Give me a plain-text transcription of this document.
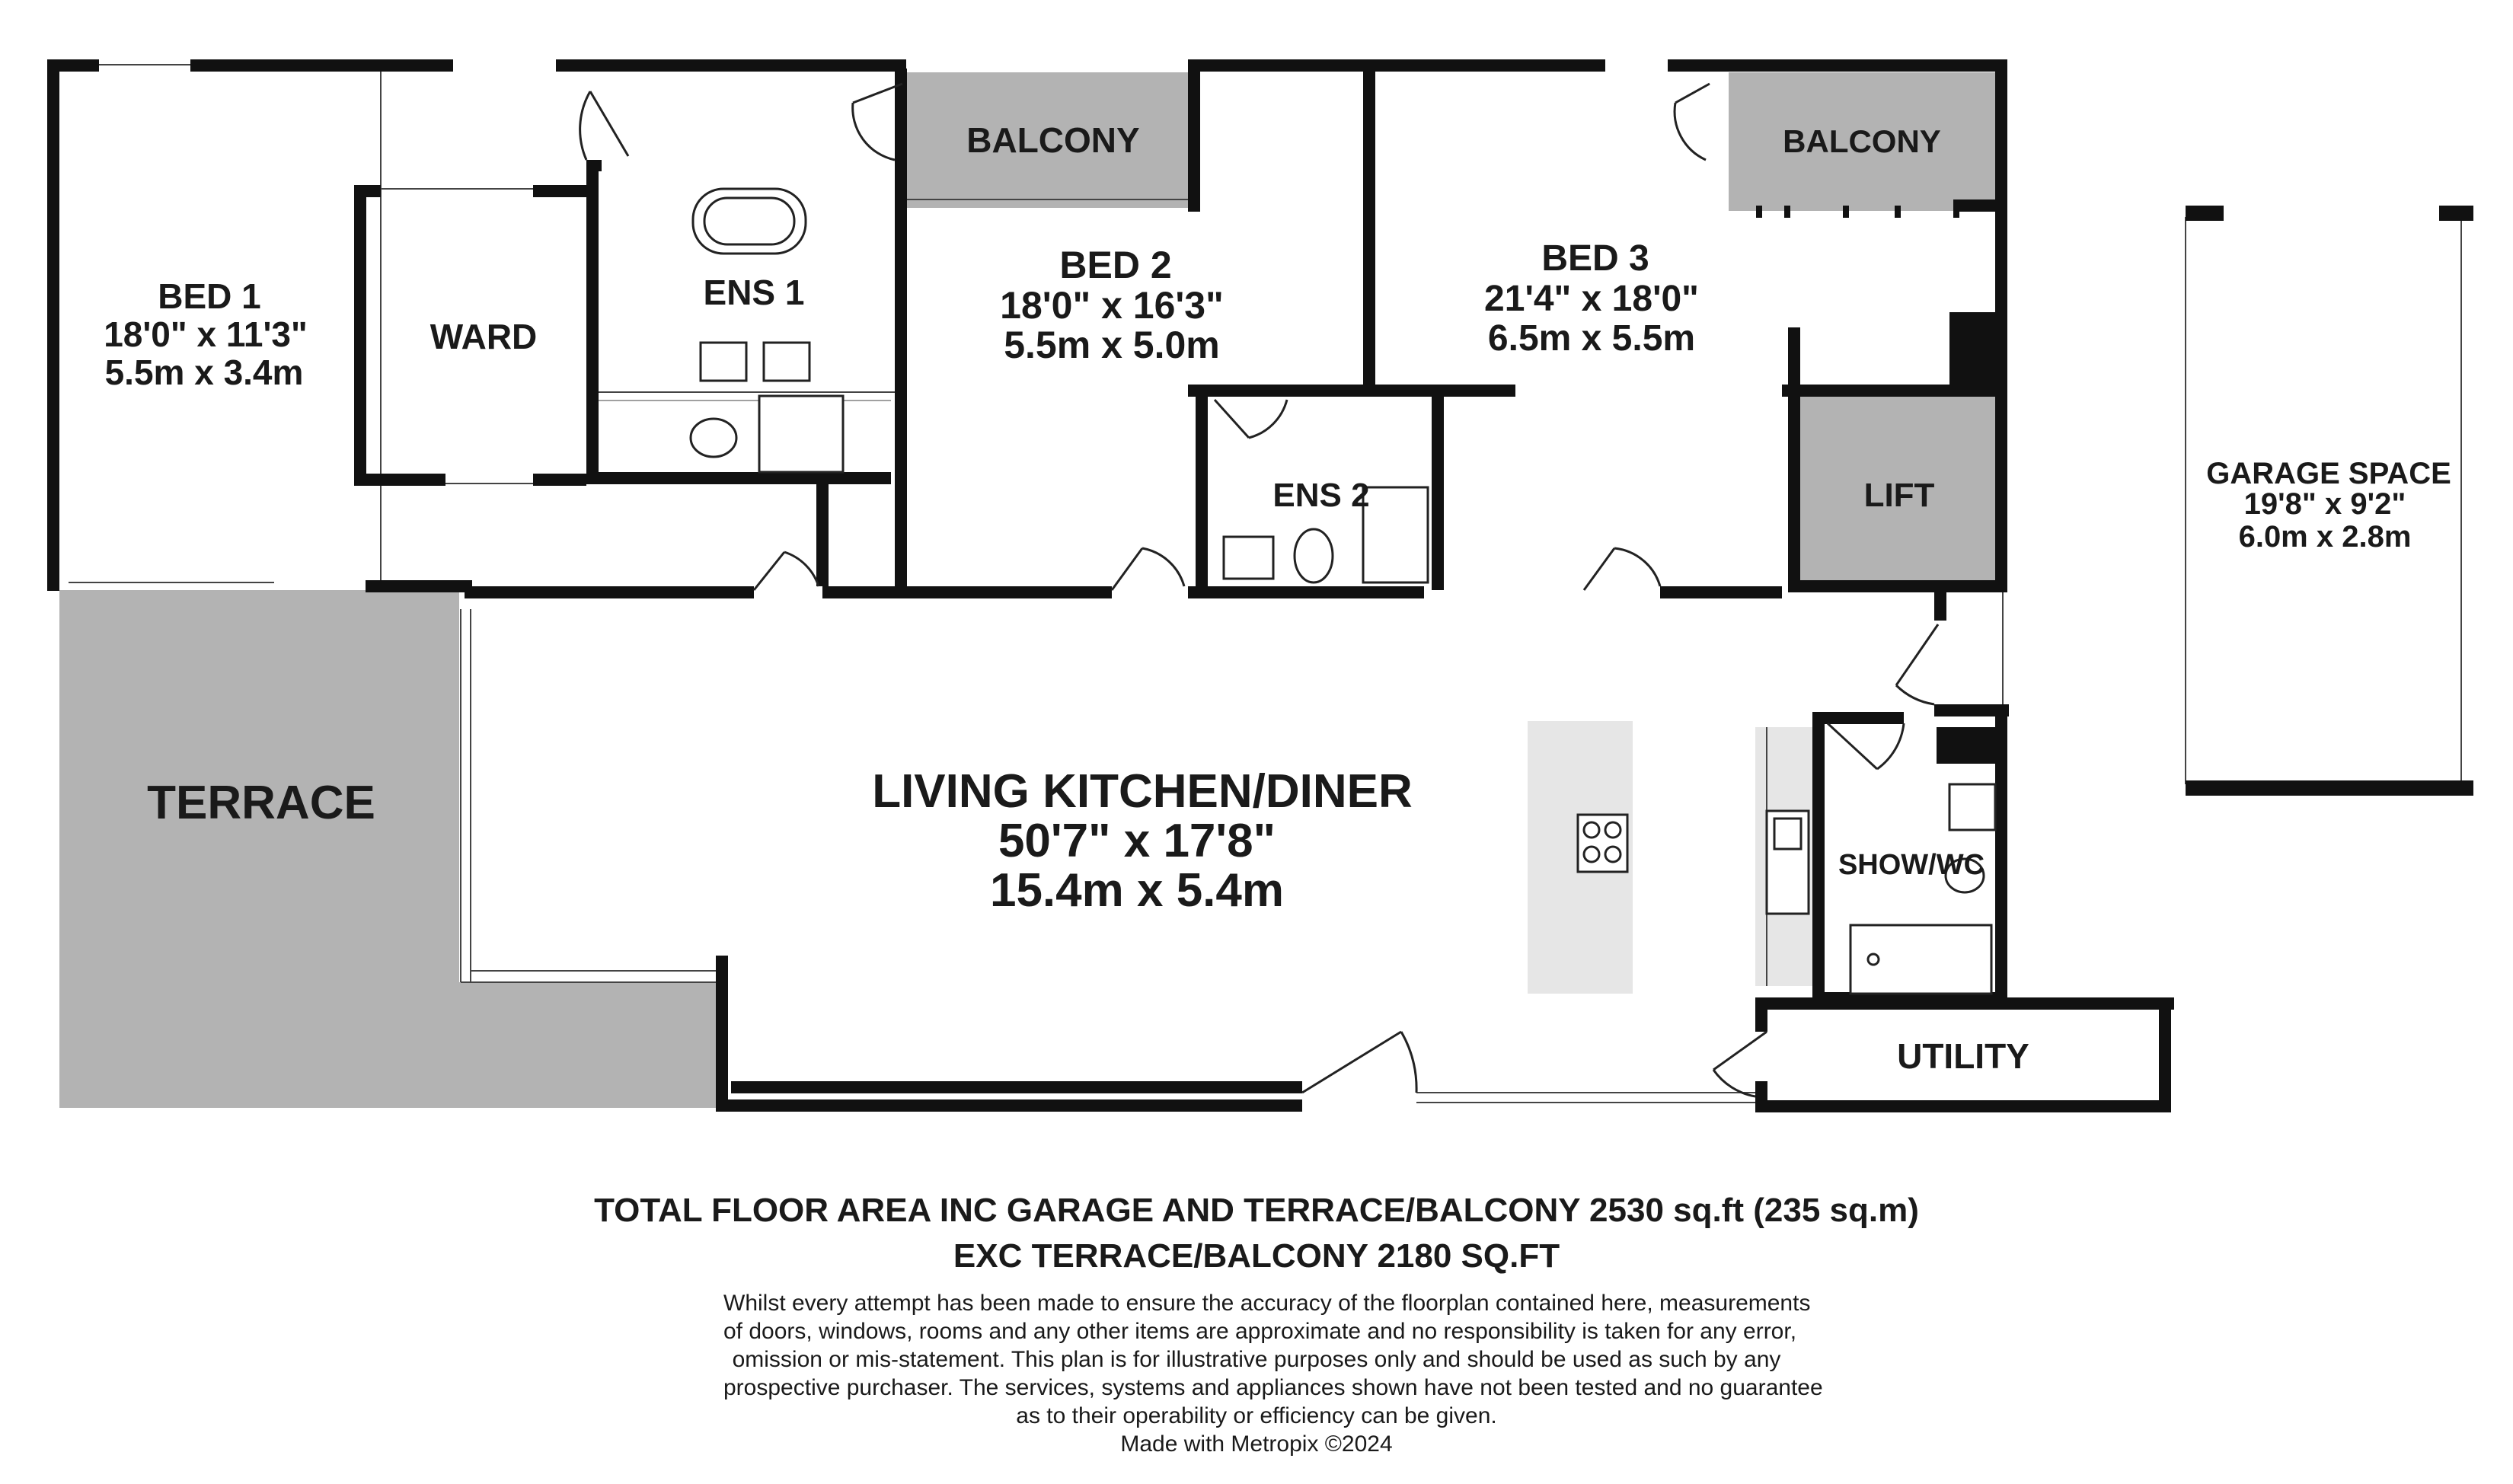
BED 1
18'0" x 11'3"
5.5m x 3.4m
WARD
ENS 1
BALCONY
BED 2
18'0" x 16'3"
5.5m x 5.0m
BALCONY
BED 3
21'4" x 18'0"
6.5m x 5.5m
ENS 2	LIFT
GARAGE SPACE
19'8" x 9'2"
6.0m x 2.8m
TERRACE	LIVING KITCHEN/DINER
50'7" x 17'8"
15.4m x 5.4m	SHOW/WC
UTILITY
TOTAL FLOOR AREA INC GARAGE AND TERRACE/BALCONY 2530 sq.ft (235 sq.m)
EXC TERRACE/BALCONY 2180 SQ.FT
Whilst every attempt has been made to ensure the accuracy of the floorplan contained here, measurements
of doors, windows, rooms and any other items are approximate and no responsibility is taken for any error,
omission or mis-statement. This plan is for illustrative purposes only and should be used as such by any
prospective purchaser. The services, systems and appliances shown have not been tested and no guarantee
as to their operability or efficiency can be given.
Made with Metropix ©2024
